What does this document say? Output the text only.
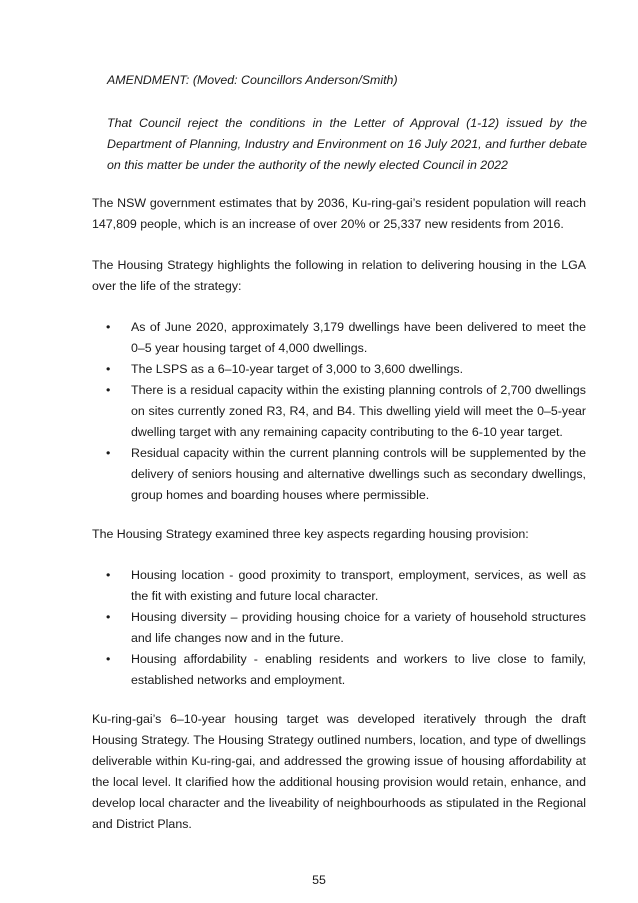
AMENDMENT: (Moved: Councillors Anderson/Smith)

That Council reject the conditions in the Letter of Approval (1-12) issued by the Department of Planning, Industry and Environment on 16 July 2021, and further debate on this matter be under the authority of the newly elected Council in 2022

The NSW government estimates that by 2036, Ku-ring-gai’s resident population will reach 147,809 people, which is an increase of over 20% or 25,337 new residents from 2016.

The Housing Strategy highlights the following in relation to delivering housing in the LGA over the life of the strategy:

• As of June 2020, approximately 3,179 dwellings have been delivered to meet the 0–5 year housing target of 4,000 dwellings.
• The LSPS as a 6–10-year target of 3,000 to 3,600 dwellings.
• There is a residual capacity within the existing planning controls of 2,700 dwellings on sites currently zoned R3, R4, and B4. This dwelling yield will meet the 0–5-year dwelling target with any remaining capacity contributing to the 6-10 year target.
• Residual capacity within the current planning controls will be supplemented by the delivery of seniors housing and alternative dwellings such as secondary dwellings, group homes and boarding houses where permissible.

The Housing Strategy examined three key aspects regarding housing provision:

• Housing location - good proximity to transport, employment, services, as well as the fit with existing and future local character.
• Housing diversity – providing housing choice for a variety of household structures and life changes now and in the future.
• Housing affordability - enabling residents and workers to live close to family, established networks and employment.

Ku-ring-gai’s 6–10-year housing target was developed iteratively through the draft Housing Strategy. The Housing Strategy outlined numbers, location, and type of dwellings deliverable within Ku-ring-gai, and addressed the growing issue of housing affordability at the local level. It clarified how the additional housing provision would retain, enhance, and develop local character and the liveability of neighbourhoods as stipulated in the Regional and District Plans.

55
